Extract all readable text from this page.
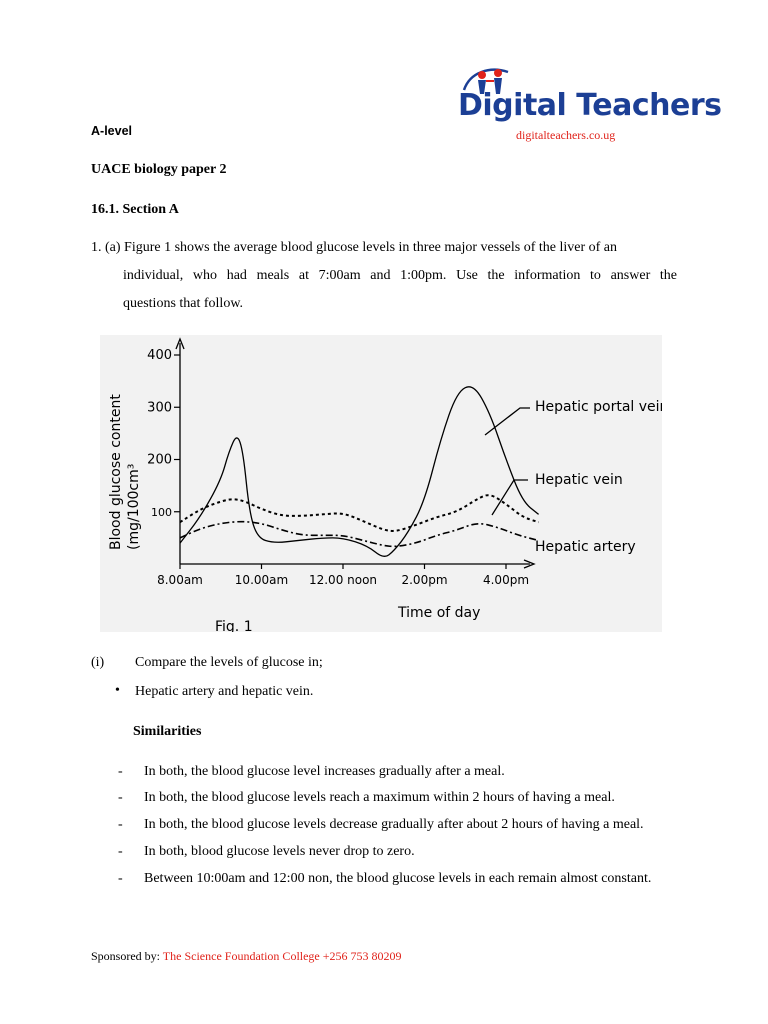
Digital Teachers
digitalteachers.co.ug
A-level
UACE biology paper 2
16.1. Section A
1. (a) Figure 1 shows the average blood glucose levels in three major vessels of the liver of an
individual, who had meals at 7:00am and 1:00pm. Use the information to answer the
questions that follow.
400
300
200
100
8.00am	10.00am 12.00 noon 2.00pm	4.00pm
Hepatic portal vein
Hepatic vein
Hepatic artery
Blood glucose content (mg/100cm³
Time of day
Fig. 1
(i) Compare the levels of glucose in;
• Hepatic artery and hepatic vein.
Similarities
- In both, the blood glucose level increases gradually after a meal.
- In both, the blood glucose levels reach a maximum within 2 hours of having a meal.
- In both, the blood glucose levels decrease gradually after about 2 hours of having a meal.
- In both, blood glucose levels never drop to zero.
- Between 10:00am and 12:00 non, the blood glucose levels in each remain almost constant.
Sponsored by: The Science Foundation College +256 753 80209
